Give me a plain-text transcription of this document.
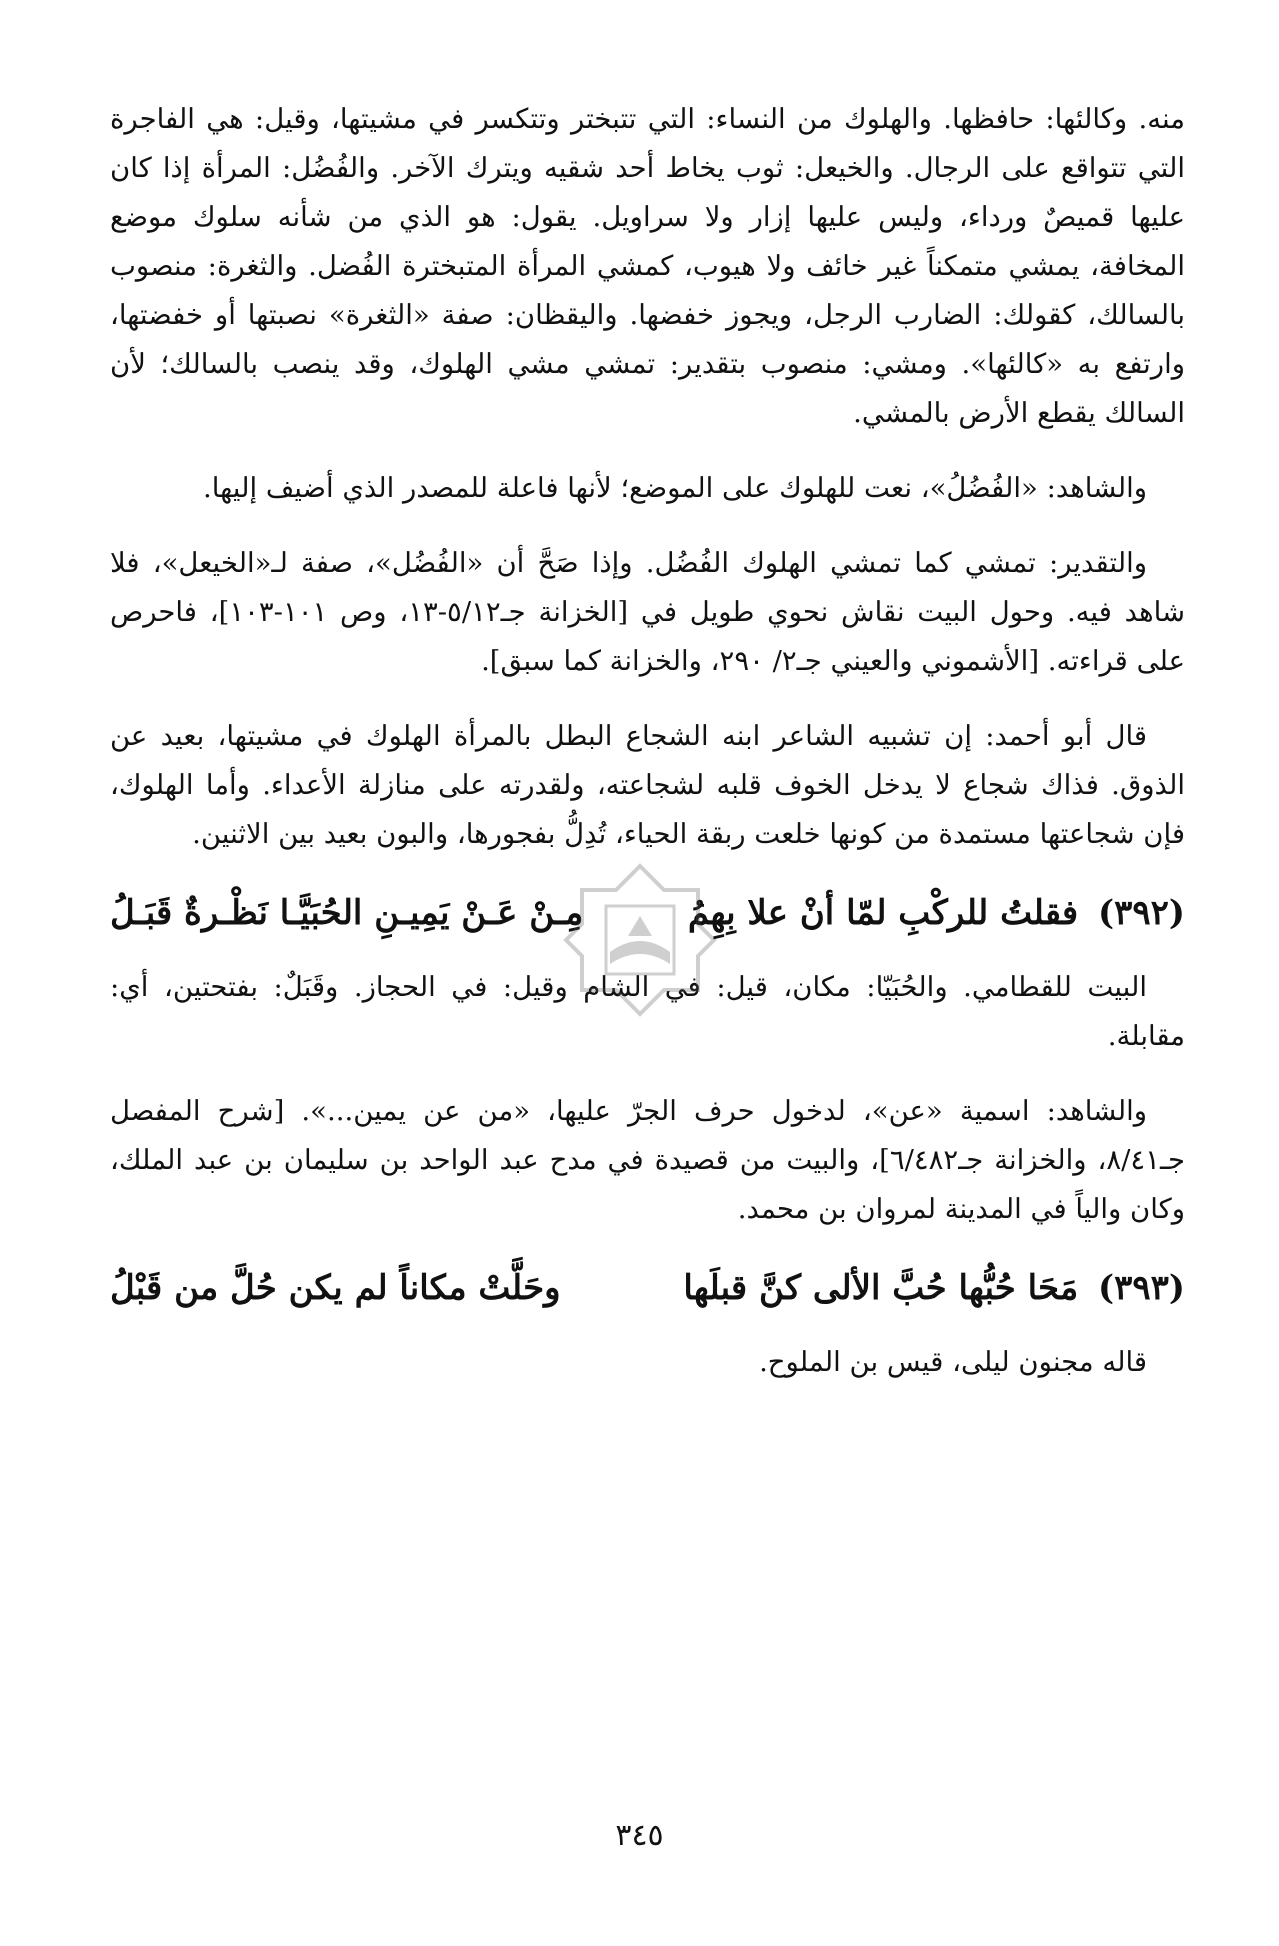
منه. وكالئها: حافظها. والهلوك من النساء: التي تتبختر وتتكسر في مشيتها، وقيل: هي الفاجرة التي تتواقع على الرجال. والخيعل: ثوب يخاط أحد شقيه ويترك الآخر. والفُضُل: المرأة إذا كان عليها قميصٌ ورداء، وليس عليها إزار ولا سراويل. يقول: هو الذي من شأنه سلوك موضع المخافة، يمشي متمكناً غير خائف ولا هيوب، كمشي المرأة المتبخترة الفُضل. والثغرة: منصوب بالسالك، كقولك: الضارب الرجل، ويجوز خفضها. واليقظان: صفة «الثغرة» نصبتها أو خفضتها، وارتفع به «كالئها». ومشي: منصوب بتقدير: تمشي مشي الهلوك، وقد ينصب بالسالك؛ لأن السالك يقطع الأرض بالمشي.

والشاهد: «الفُضُلُ»، نعت للهلوك على الموضع؛ لأنها فاعلة للمصدر الذي أضيف إليها.

والتقدير: تمشي كما تمشي الهلوك الفُضُل. وإذا صَحَّ أن «الفُضُل»، صفة لـ«الخيعل»، فلا شاهد فيه. وحول البيت نقاش نحوي طويل في [الخزانة جـ٥/١٢-١٣، وص ١٠١-١٠٣]، فاحرص على قراءته. [الأشموني والعيني جـ٢/ ٢٩٠، والخزانة كما سبق].

قال أبو أحمد: إن تشبيه الشاعر ابنه الشجاع البطل بالمرأة الهلوك في مشيتها، بعيد عن الذوق. فذاك شجاع لا يدخل الخوف قلبه لشجاعته، ولقدرته على منازلة الأعداء. وأما الهلوك، فإن شجاعتها مستمدة من كونها خلعت ربقة الحياء، تُدِلُّ بفجورها، والبون بعيد بين الاثنين.

(٣٩٢) فقلتُ للركْبِ لمّا أنْ علا بِهِمُ
مِـنْ عَـنْ يَمِيـنِ الحُبَيَّـا نَظْـرةٌ قَبَـلُ

البيت للقطامي. والحُبَيّا: مكان، قيل: في الشام وقيل: في الحجاز. وقَبَلٌ: بفتحتين، أي: مقابلة.

والشاهد: اسمية «عن»، لدخول حرف الجرّ عليها، «من عن يمين...». [شرح المفصل جـ٨/٤١، والخزانة جـ٦/٤٨٢]، والبيت من قصيدة في مدح عبد الواحد بن سليمان بن عبد الملك، وكان والياً في المدينة لمروان بن محمد.

(٣٩٣) مَحَا حُبُّها حُبَّ الألى كنَّ قبلَها
وحَلَّتْ مكاناً لم يكن حُلَّ من قَبْلُ

قاله مجنون ليلى، قيس بن الملوح.

٣٤٥
